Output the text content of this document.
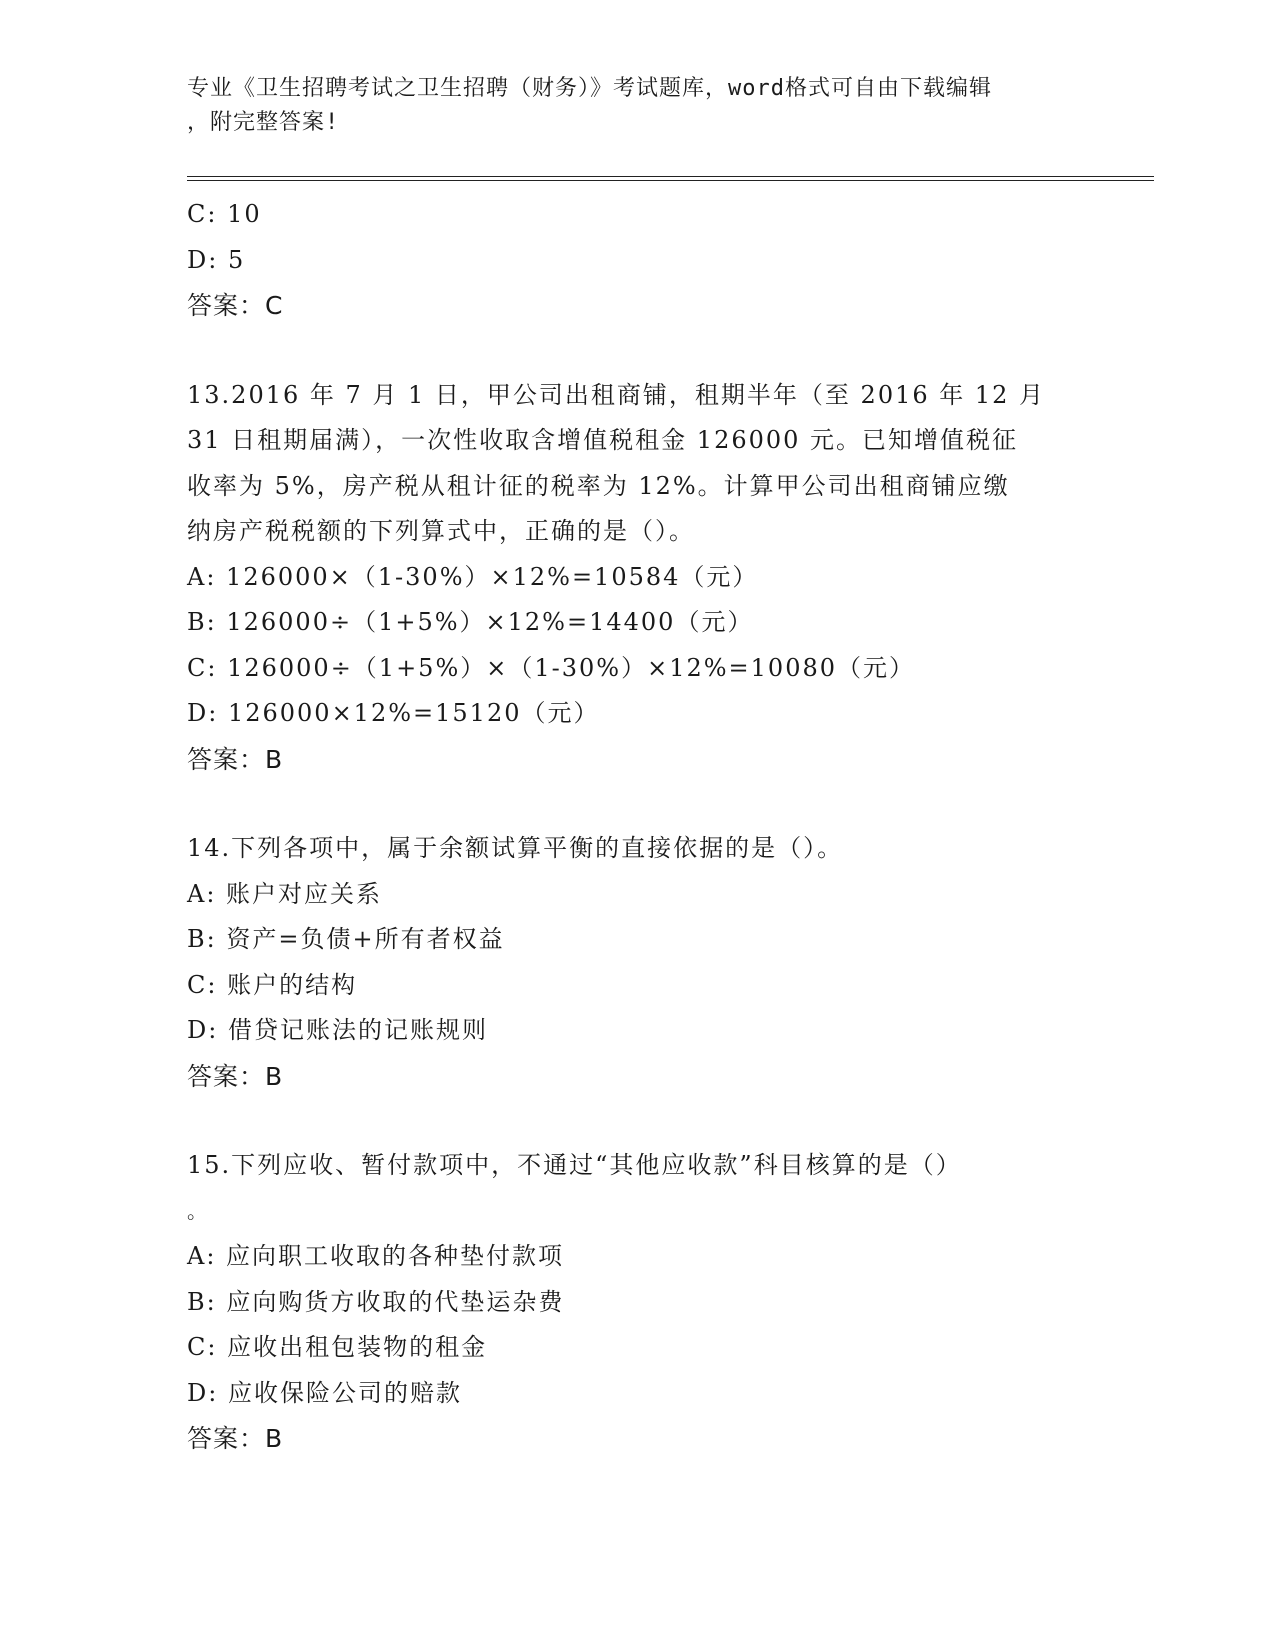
专业《卫生招聘考试之卫生招聘（财务）》考试题库，word格式可自由下载编辑
，附完整答案!
C: 10
D: 5
答案：C
13.2016 年 7 月 1 日，甲公司出租商铺，租期半年（至 2016 年 12 月
31 日租期届满），一次性收取含增值税租金 126000 元。已知增值税征
收率为 5%，房产税从租计征的税率为 12%。计算甲公司出租商铺应缴
纳房产税税额的下列算式中，正确的是（）。
A: 126000×（1-30%）×12%=10584（元）
B: 126000÷（1+5%）×12%=14400（元）
C: 126000÷（1+5%）×（1-30%）×12%=10080（元）
D: 126000×12%=15120（元）
答案：B
14.下列各项中，属于余额试算平衡的直接依据的是（）。
A: 账户对应关系
B: 资产=负债+所有者权益
C: 账户的结构
D: 借贷记账法的记账规则
答案：B
15.下列应收、暂付款项中，不通过“其他应收款”科目核算的是（）
。
A: 应向职工收取的各种垫付款项
B: 应向购货方收取的代垫运杂费
C: 应收出租包装物的租金
D: 应收保险公司的赔款
答案：B
